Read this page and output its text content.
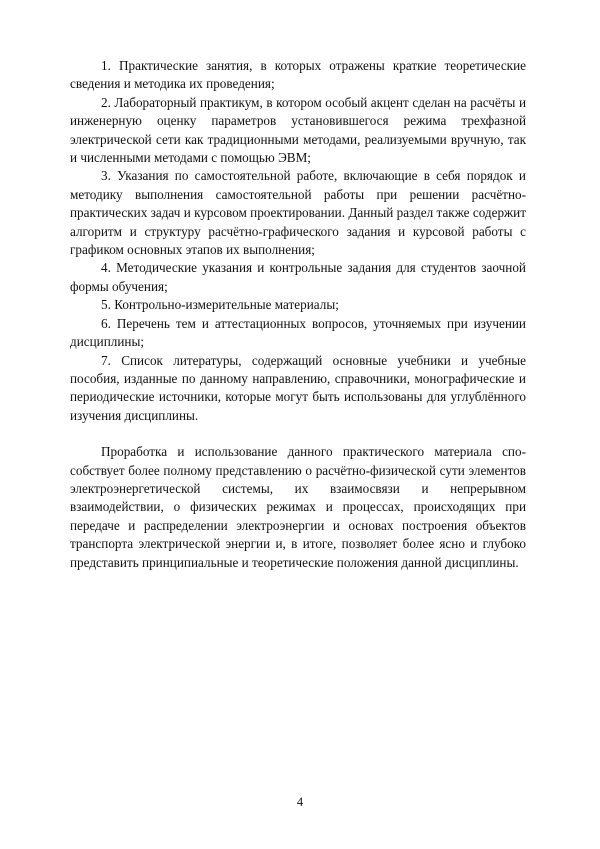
1. Практические занятия, в которых отражены краткие теоретические сведения и методика их проведения;

2. Лабораторный практикум, в котором особый акцент сделан на расчёты и инженерную оценку параметров установившегося режима трехфазной электрической сети как традиционными методами, реализуемыми вручную, так и численными методами с помощью ЭВМ;

3. Указания по самостоятельной работе, включающие в себя порядок и методику выполнения самостоятельной работы при решении расчётно-практических задач и курсовом проектировании. Данный раздел также содержит алгоритм и структуру расчётно-графического задания и курсовой работы с графиком основных этапов их выполнения;

4. Методические указания и контрольные задания для студентов заочной формы обучения;

5. Контрольно-измерительные материалы;

6. Перечень тем и аттестационных вопросов, уточняемых при изучении дисциплины;

7. Список литературы, содержащий основные учебники и учебные пособия, изданные по данному направлению, справочники, монографические и периодические источники, которые могут быть использованы для углублённого изучения дисциплины.

Проработка и использование данного практического материала способствует более полному представлению о расчётно-физической сути элементов электроэнергетической системы, их взаимосвязи и непрерывном взаимодействии, о физических режимах и процессах, происходящих при передаче и распределении электроэнергии и основах построения объектов транспорта электрической энергии и, в итоге, позволяет более ясно и глубоко представить принципиальные и теоретические положения данной дисциплины.

4
